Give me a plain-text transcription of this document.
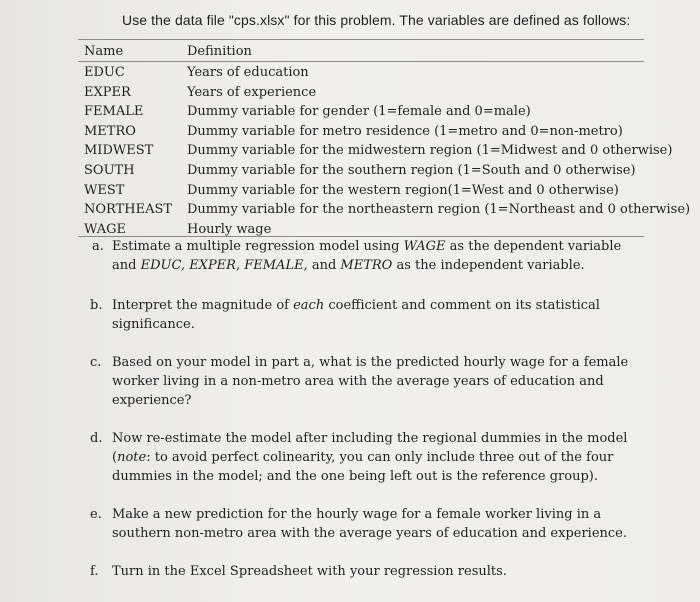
Use the data file "cps.xlsx" for this problem. The variables are defined as follows:
Name	Definition
EDUC	Years of education
EXPER	Years of experience
FEMALE	Dummy variable for gender (1=female and 0=male)
METRO	Dummy variable for metro residence (1=metro and 0=non-metro)
MIDWEST	Dummy variable for the midwestern region (1=Midwest and 0 otherwise)
SOUTH	Dummy variable for the southern region (1=South and 0 otherwise)
WEST	Dummy variable for the western region(1=West and 0 otherwise)
NORTHEAST	Dummy variable for the northeastern region (1=Northeast and 0 otherwise)
WAGE	Hourly wage
a. Estimate a multiple regression model using WAGE as the dependent variable and EDUC, EXPER, FEMALE, and METRO as the independent variable.
b. Interpret the magnitude of each coefficient and comment on its statistical significance.
c. Based on your model in part a, what is the predicted hourly wage for a female worker living in a non-metro area with the average years of education and experience?
d. Now re-estimate the model after including the regional dummies in the model (note: to avoid perfect colinearity, you can only include three out of the four dummies in the model; and the one being left out is the reference group).
e. Make a new prediction for the hourly wage for a female worker living in a southern non-metro area with the average years of education and experience.
f.	Turn in the Excel Spreadsheet with your regression results.
